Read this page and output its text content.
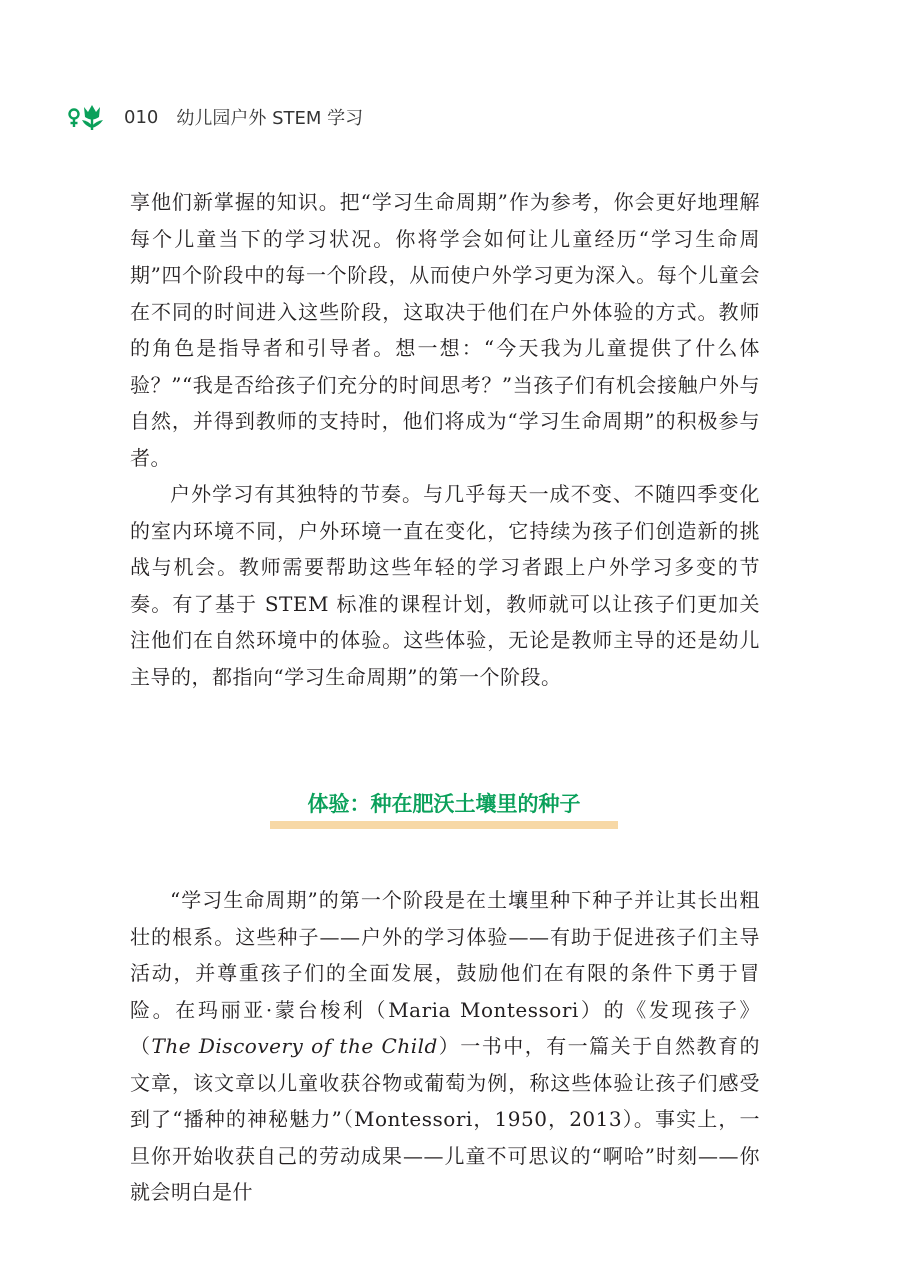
010 幼儿园户外 STEM 学习

享他们新掌握的知识。把“学习生命周期”作为参考，你会更好地理解每个儿童当下的学习状况。你将学会如何让儿童经历“学习生命周期”四个阶段中的每一个阶段，从而使户外学习更为深入。每个儿童会在不同的时间进入这些阶段，这取决于他们在户外体验的方式。教师的角色是指导者和引导者。想一想：“今天我为儿童提供了什么体验？”“我是否给孩子们充分的时间思考？”当孩子们有机会接触户外与自然，并得到教师的支持时，他们将成为“学习生命周期”的积极参与者。

户外学习有其独特的节奏。与几乎每天一成不变、不随四季变化的室内环境不同，户外环境一直在变化，它持续为孩子们创造新的挑战与机会。教师需要帮助这些年轻的学习者跟上户外学习多变的节奏。有了基于 STEM 标准的课程计划，教师就可以让孩子们更加关注他们在自然环境中的体验。这些体验，无论是教师主导的还是幼儿主导的，都指向“学习生命周期”的第一个阶段。

体验：种在肥沃土壤里的种子

“学习生命周期”的第一个阶段是在土壤里种下种子并让其长出粗壮的根系。这些种子——户外的学习体验——有助于促进孩子们主导活动，并尊重孩子们的全面发展，鼓励他们在有限的条件下勇于冒险。在玛丽亚·蒙台梭利（Maria Montessori）的《发现孩子》（The Discovery of the Child）一书中，有一篇关于自然教育的文章，该文章以儿童收获谷物或葡萄为例，称这些体验让孩子们感受到了“播种的神秘魅力”（Montessori，1950，2013）。事实上，一旦你开始收获自己的劳动成果——儿童不可思议的“啊哈”时刻——你就会明白是什
